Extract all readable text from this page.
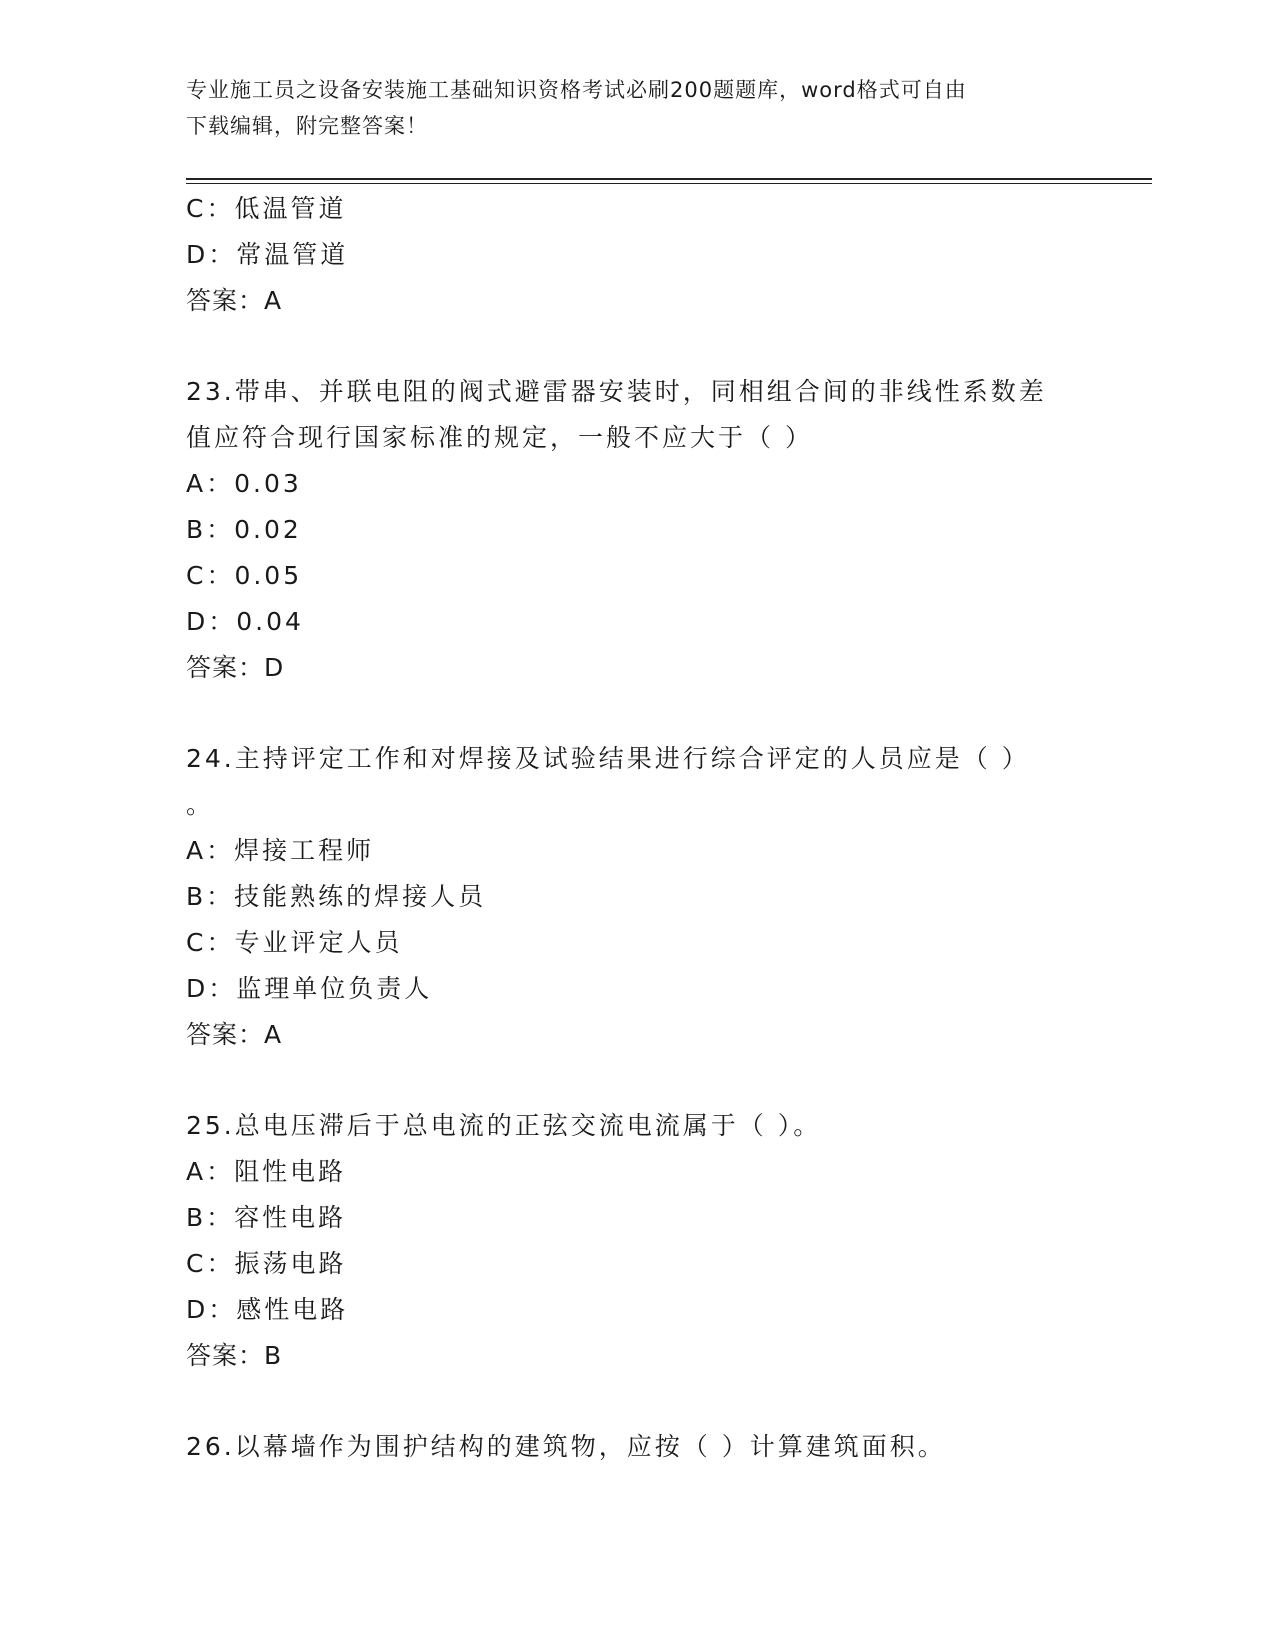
专业施工员之设备安装施工基础知识资格考试必刷200题题库，word格式可自由
下载编辑，附完整答案！
C：低温管道
D：常温管道
答案：A
23.带串、并联电阻的阀式避雷器安装时，同相组合间的非线性系数差
值应符合现行国家标准的规定，一般不应大于（ ）
A：0.03
B：0.02
C：0.05
D：0.04
答案：D
24.主持评定工作和对焊接及试验结果进行综合评定的人员应是（ ）
。
A：焊接工程师
B：技能熟练的焊接人员
C：专业评定人员
D：监理单位负责人
答案：A
25.总电压滞后于总电流的正弦交流电流属于（ ）。
A：阻性电路
B：容性电路
C：振荡电路
D：感性电路
答案：B
26.以幕墙作为围护结构的建筑物，应按（ ）计算建筑面积。
